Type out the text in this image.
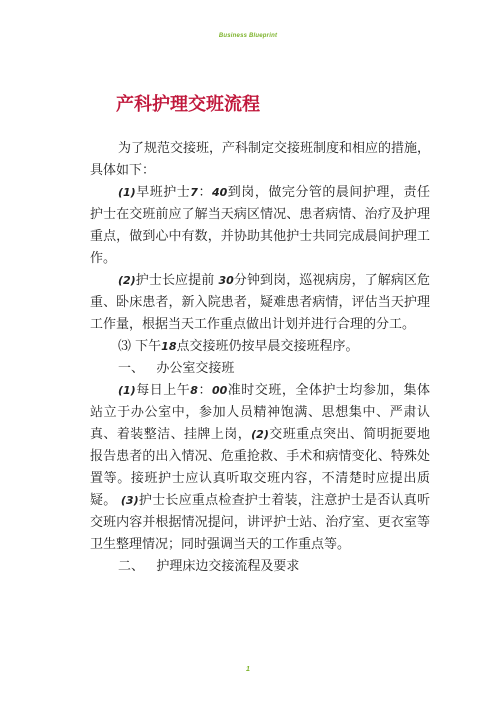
Business Blueprint
产科护理交班流程

为了规范交接班，产科制定交接班制度和相应的措施，具体如下：

(1)早班护士7：40到岗，做完分管的晨间护理，责任护士在交班前应了解当天病区情况、患者病情、治疗及护理重点，做到心中有数，并协助其他护士共同完成晨间护理工作。

(2)护士长应提前 30分钟到岗，巡视病房，了解病区危重、卧床患者，新入院患者，疑难患者病情，评估当天护理工作量，根据当天工作重点做出计划并进行合理的分工。

⑶ 下午18点交接班仍按早晨交接班程序。

一、   办公室交接班

(1)每日上午8：00准时交班，全体护士均参加，集体站立于办公室中，参加人员精神饱满、思想集中、严肃认真、着装整洁、挂牌上岗，(2)交班重点突出、简明扼要地报告患者的出入情况、危重抢救、手术和病情变化、特殊处置等。接班护士应认真听取交班内容，不清楚时应提出质疑。 (3)护士长应重点检查护士着装，注意护士是否认真听交班内容并根据情况提问，讲评护士站、治疗室、更衣室等卫生整理情况；同时强调当天的工作重点等。

二、   护理床边交接流程及要求

1
